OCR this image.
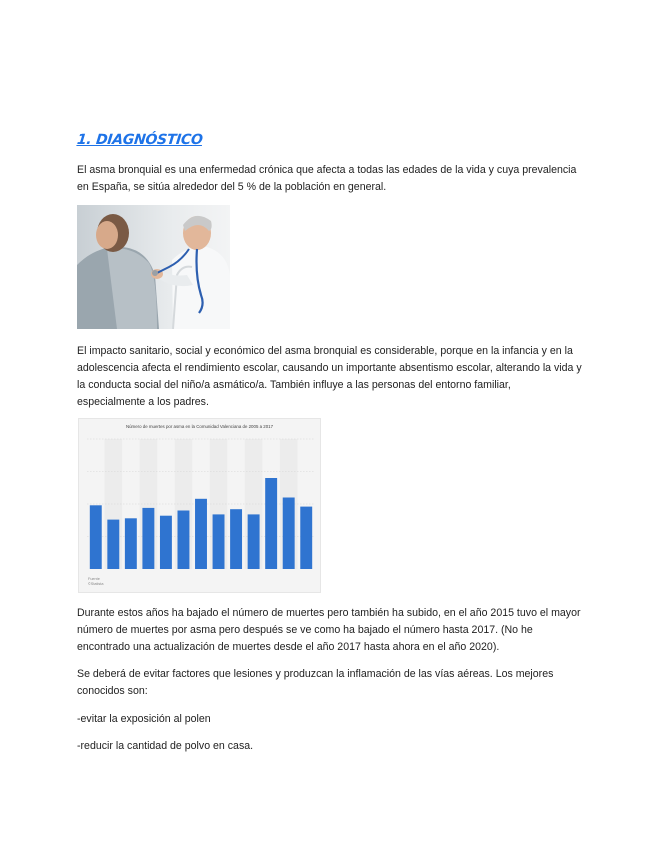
1. DIAGNÓSTICO

El asma bronquial es una enfermedad crónica que afecta a todas las edades de la vida y cuya prevalencia en España, se sitúa alrededor del 5 % de la población en general.

El impacto sanitario, social y económico del asma bronquial es considerable, porque en la infancia y en la adolescencia afecta el rendimiento escolar, causando un importante absentismo escolar, alterando la vida y la conducta social del niño/a asmático/a. También influye a las personas del entorno familiar, especialmente a los padres.

Número de muertes por asma en la Comunidad Valenciana de 2005 a 2017
Fuente
©Statista

Durante estos años ha bajado el número de muertes pero también ha subido, en el año 2015 tuvo el mayor número de muertes por asma pero después se ve como ha bajado el número hasta 2017. (No he encontrado una actualización de muertes desde el año 2017 hasta ahora en el año 2020).

Se deberá de evitar factores que lesiones y produzcan la inflamación de las vías aéreas. Los mejores conocidos son:

-evitar la exposición al polen

-reducir la cantidad de polvo en casa.
